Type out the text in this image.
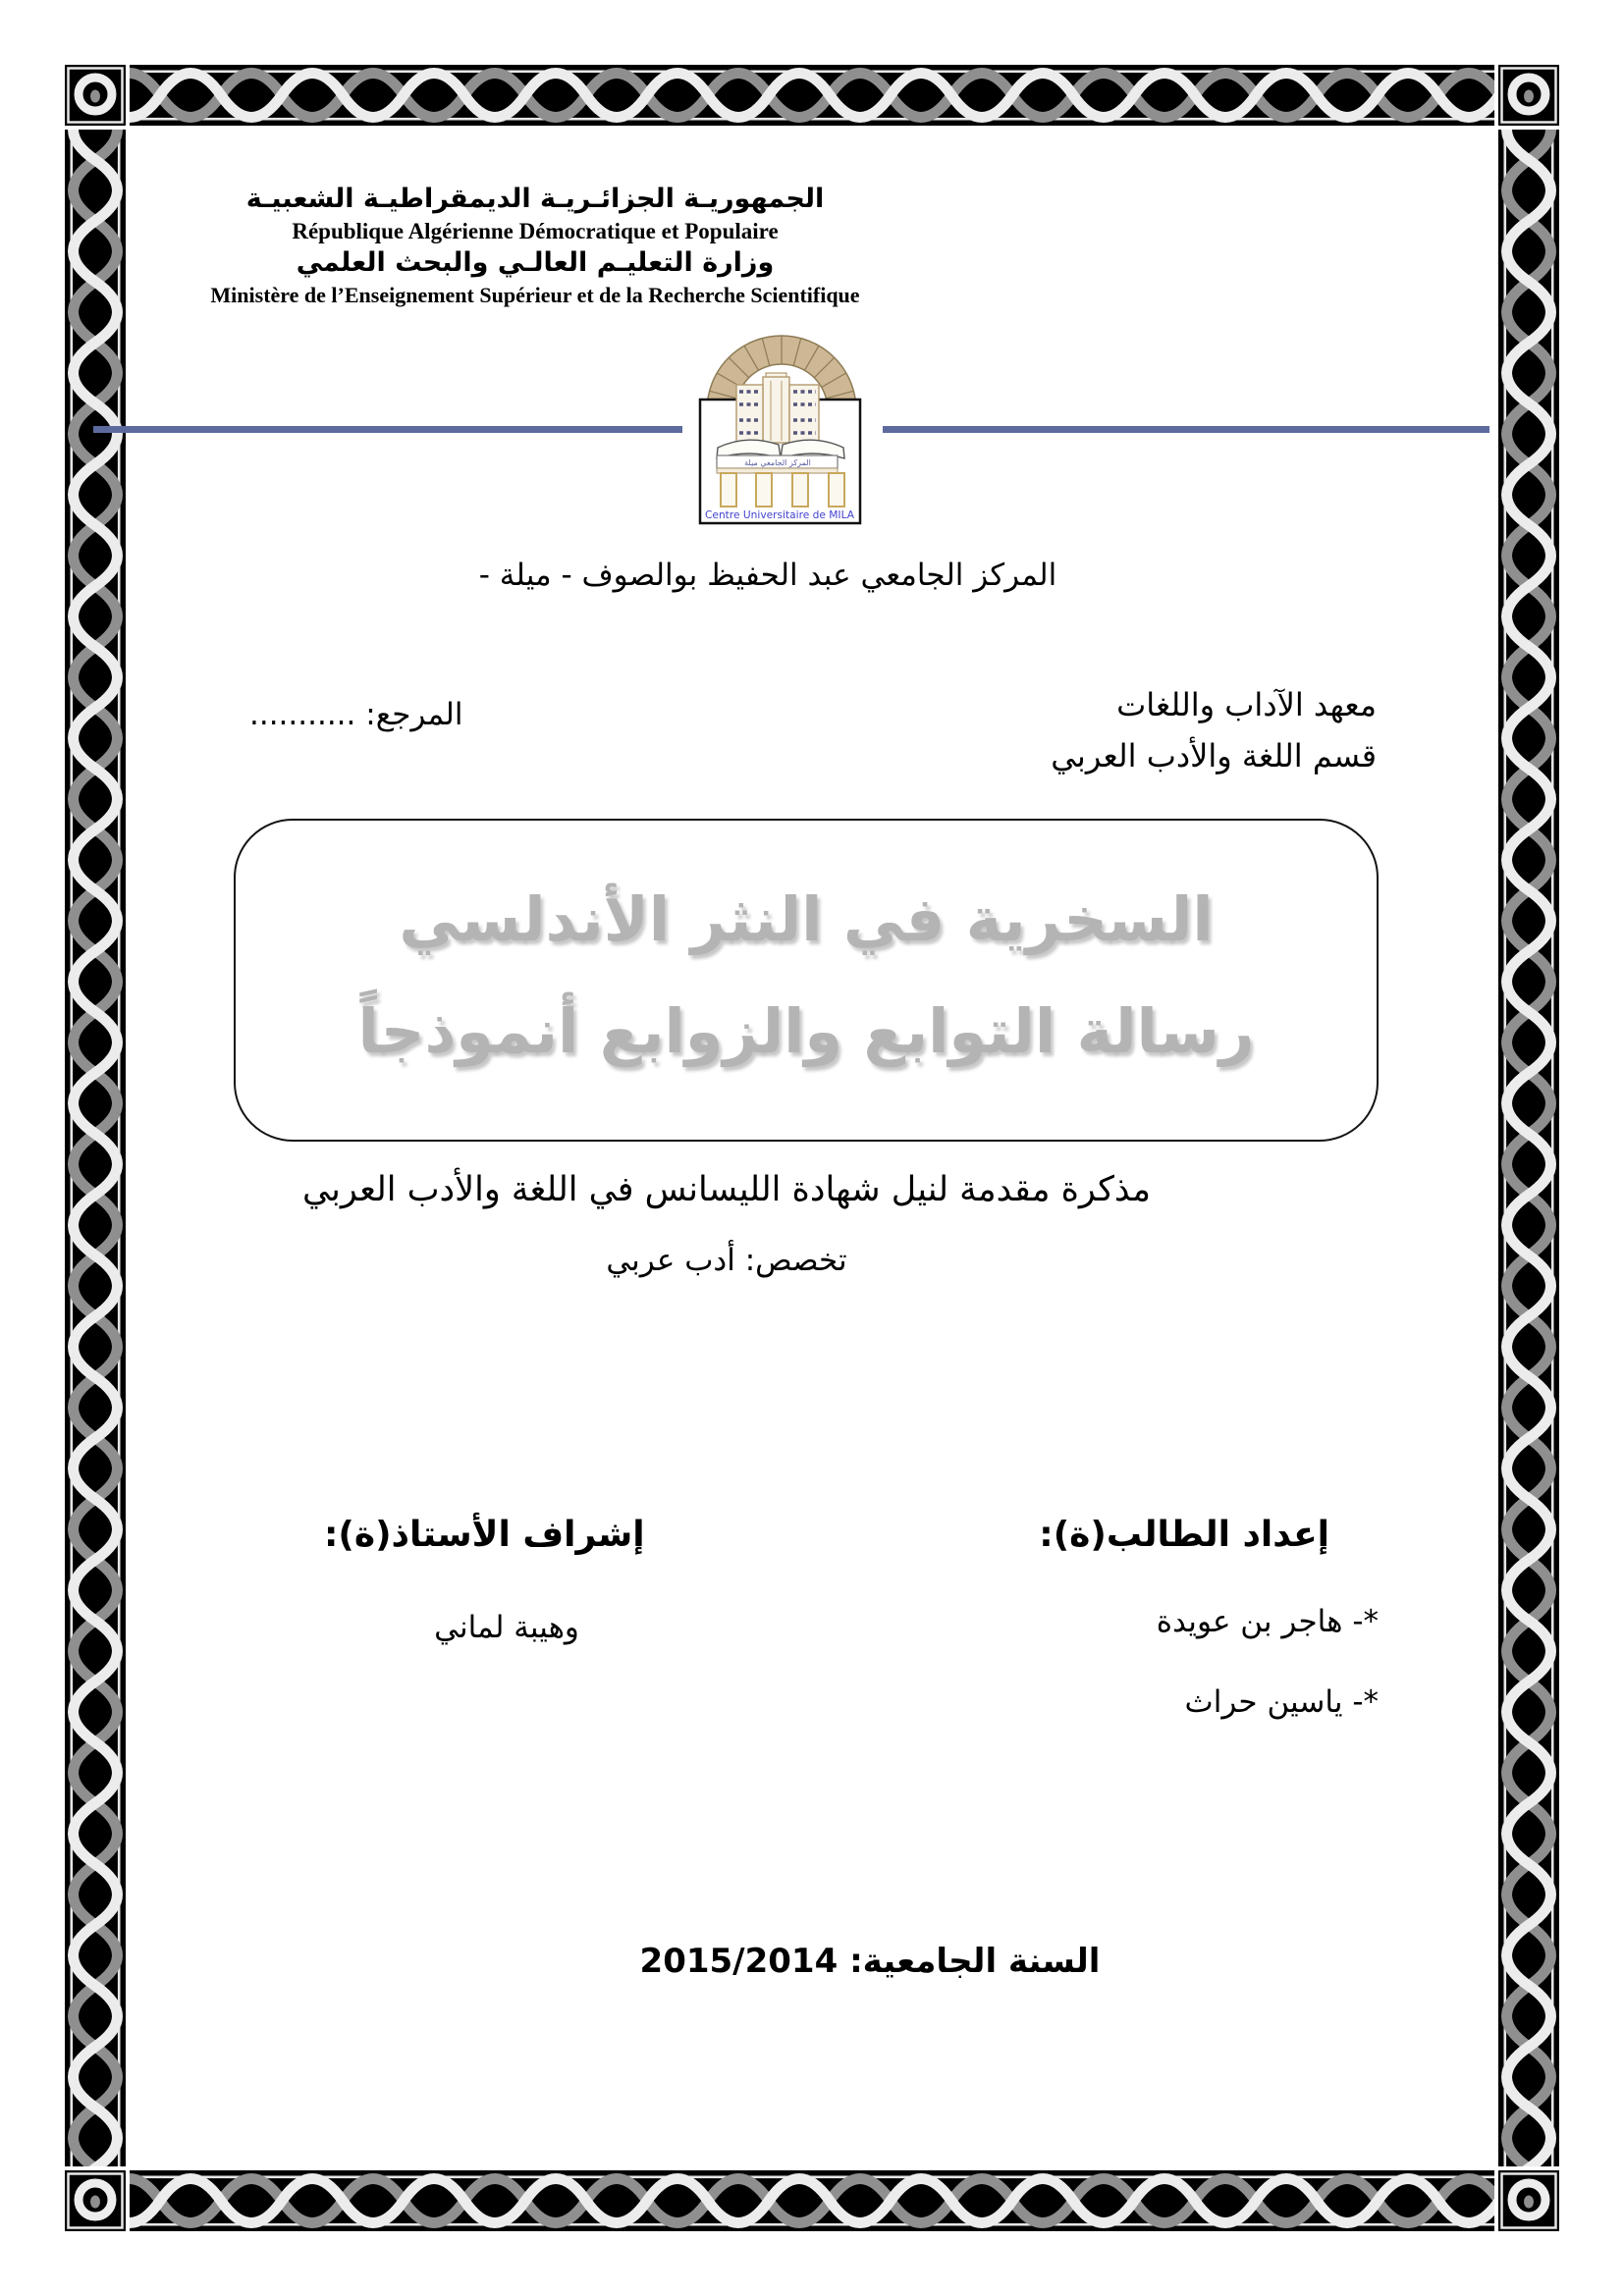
الجمهوريـة الجزائـريـة الديمقراطيـة الشعبيـة
République Algérienne Démocratique et Populaire
وزارة التعليـم العالـي والبحث العلمي
Ministère de l’Enseignement Supérieur et de la Recherche Scientifique
المركز الجامعي ميلة
Centre Universitaire de MILA
المركز الجامعي عبد الحفيظ بوالصوف - ميلة -
معهد الآداب واللغات
قسم اللغة والأدب العربي
المرجع: ...........
السخرية في النثر الأندلسي
رسالة التوابع والزوابع أنموذجاً
مذكرة مقدمة لنيل شهادة الليسانس في اللغة والأدب العربي
تخصص: أدب عربي
إعداد الطالب(ة):
*- هاجر بن عويدة
*- ياسين حراث
إشراف الأستاذ(ة):
وهيبة لماني
السنة الجامعية: 2015/2014
